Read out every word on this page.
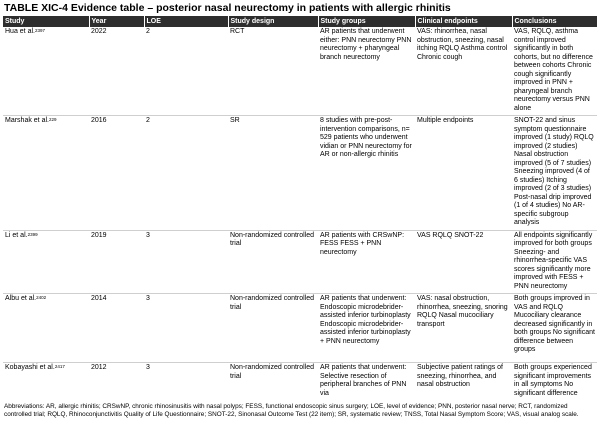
TABLE XIC-4 Evidence table – posterior nasal neurectomy in patients with allergic rhinitis
Study	Year	LOE	Study design	Study groups	Clinical endpoints	Conclusions
Hua et al.$^{2397}$	2022	2	RCT	AR patients that underwent either: PNN neurectomy PNN neurectomy + pharyngeal branch neurectomy	VAS: rhinorrhea, nasal obstruction, sneezing, nasal itching RQLQ Asthma control Chronic cough	VAS, RQLQ, asthma control improved significantly in both cohorts, but no difference between cohorts Chronic cough significantly improved in PNN + pharyngeal branch neurectomy versus PNN alone
Marshak et al.$^{229}$	2016	2	SR	8 studies with pre-post-intervention comparisons, n= 529 patients who underwent vidian or PNN neurectomy for AR or non-allergic rhinitis	Multiple endpoints	SNOT-22 and sinus symptom questionnaire improved (1 study) RQLQ improved (2 studies) Nasal obstruction improved (5 of 7 studies) Sneezing improved (4 of 6 studies) Itching improved (2 of 3 studies) Post-nasal drip improved (1 of 4 studies) No AR-specific subgroup analysis
Li et al.$^{2399}$	2019	3	Non-randomized controlled trial	AR patients with CRSwNP: FESS FESS + PNN neurectomy	VAS RQLQ SNOT-22	All endpoints significantly improved for both groups Sneezing- and rhinorrhea-specific VAS scores significantly more improved with FESS + PNN neurectomy
Albu et al.$^{2402}$	2014	3	Non-randomized controlled trial	AR patients that underwent: Endoscopic microdebrider-assisted inferior turbinoplasty Endoscopic microdebrider-assisted inferior turbinoplasty + PNN neurectomy	VAS: nasal obstruction, rhinorrhea, sneezing, snoring RQLQ Nasal mucociliary transport	Both groups improved in VAS and RQLQ Mucociliary clearance decreased significantly in both groups No significant difference between groups
Kobayashi et al.$^{2417}$	2012	3	Non-randomized controlled trial	AR patients that underwent: Selective resection of peripheral branches of PNN via	Subjective patient ratings of sneezing, rhinorrhea, and nasal obstruction	Both groups experienced significant improvements in all symptoms No significant difference
Abbreviations: AR, allergic rhinitis; CRSwNP, chronic rhinosinusitis with nasal polyps; FESS, functional endoscopic sinus surgery; LOE, level of evidence; PNN, posterior nasal nerve; RCT, randomized controlled trial; RQLQ, Rhinoconjunctivitis Quality of Life Questionnaire; SNOT-22, Sinonasal Outcome Test (22 item); SR, systematic review; TNSS, Total Nasal Symptom Score; VAS, visual analog scale.
